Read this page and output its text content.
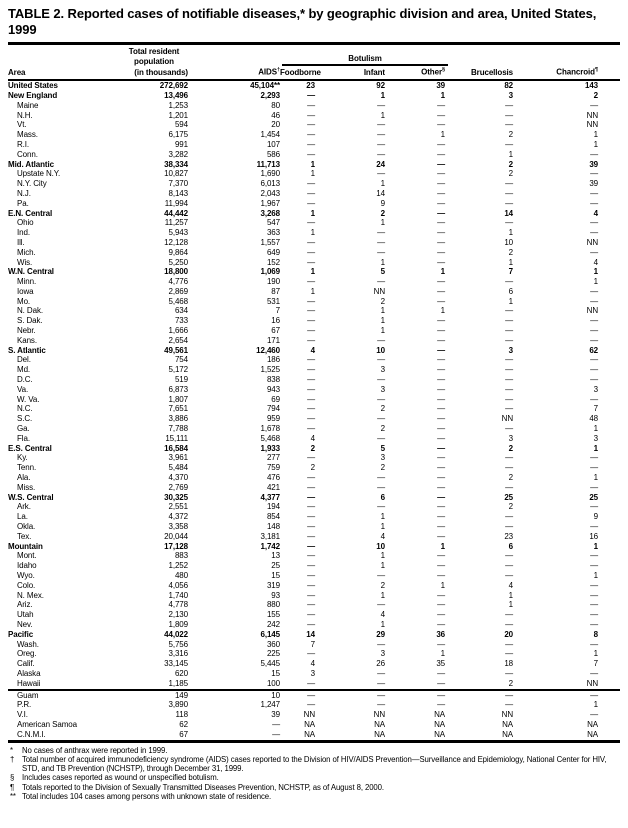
TABLE 2. Reported cases of notifiable diseases,* by geographic division and area, United States, 1999
	Total resident
population		Botulism				

Area	(in thousands)	AIDS†	Foodborne	Infant	Other§	Brucellosis	Chancroid¶
United States	272,692	45,104**	23	92	39	82	143
New England	13,496	2,293	—	1	1	3	2
Maine	1,253	80	—	—	—	—	—
N.H.	1,201	46	—	1	—	—	NN
Vt.	594	20	—	—	—	—	NN
Mass.	6,175	1,454	—	—	1	2	1
R.I.	991	107	—	—	—	—	1
Conn.	3,282	586	—	—	—	1	—
Mid. Atlantic	38,334	11,713	1	24	—	2	39
Upstate N.Y.	10,827	1,690	1	—	—	2	—
N.Y. City	7,370	6,013	—	1	—	—	39
N.J.	8,143	2,043	—	14	—	—	—
Pa.	11,994	1,967	—	9	—	—	—
E.N. Central	44,442	3,268	1	2	—	14	4
Ohio	11,257	547	—	1	—	—	—
Ind.	5,943	363	1	—	—	1	—
Ill.	12,128	1,557	—	—	—	10	NN
Mich.	9,864	649	—	—	—	2	—
Wis.	5,250	152	—	1	—	1	4
W.N. Central	18,800	1,069	1	5	1	7	1
Minn.	4,776	190	—	—	—	—	1
Iowa	2,869	87	1	NN	—	6	—
Mo.	5,468	531	—	2	—	1	—
N. Dak.	634	7	—	1	1	—	NN
S. Dak.	733	16	—	1	—	—	—
Nebr.	1,666	67	—	1	—	—	—
Kans.	2,654	171	—	—	—	—	—
S. Atlantic	49,561	12,460	4	10	—	3	62
Del.	754	186	—	—	—	—	—
Md.	5,172	1,525	—	3	—	—	—
D.C.	519	838	—	—	—	—	—
Va.	6,873	943	—	3	—	—	3
W. Va.	1,807	69	—	—	—	—	—
N.C.	7,651	794	—	2	—	—	7
S.C.	3,886	959	—	—	—	NN	48
Ga.	7,788	1,678	—	2	—	—	1
Fla.	15,111	5,468	4	—	—	3	3
E.S. Central	16,584	1,933	2	5	—	2	1
Ky.	3,961	277	—	3	—	—	—
Tenn.	5,484	759	2	2	—	—	—
Ala.	4,370	476	—	—	—	2	1
Miss.	2,769	421	—	—	—	—	—
W.S. Central	30,325	4,377	—	6	—	25	25
Ark.	2,551	194	—	—	—	2	—
La.	4,372	854	—	1	—	—	9
Okla.	3,358	148	—	1	—	—	—
Tex.	20,044	3,181	—	4	—	23	16
Mountain	17,128	1,742	—	10	1	6	1
Mont.	883	13	—	1	—	—	—
Idaho	1,252	25	—	1	—	—	—
Wyo.	480	15	—	—	—	—	1
Colo.	4,056	319	—	2	1	4	—
N. Mex.	1,740	93	—	1	—	1	—
Ariz.	4,778	880	—	—	—	1	—
Utah	2,130	155	—	4	—	—	—
Nev.	1,809	242	—	1	—	—	—
Pacific	44,022	6,145	14	29	36	20	8
Wash.	5,756	360	7	—	—	—	—
Oreg.	3,316	225	—	3	1	—	1
Calif.	33,145	5,445	4	26	35	18	7
Alaska	620	15	3	—	—	—	—
Hawaii	1,185	100	—	—	—	2	NN
Guam	149	10	—	—	—	—	—
P.R.	3,890	1,247	—	—	—	—	1
V.I.	118	39	NN	NN	NA	NN	—
American Samoa	62	—	NA	NA	NA	NA	NA
C.N.M.I.	67	—	NA	NA	NA	NA	NA
*	No cases of anthrax were reported in 1999.
† Total number of acquired immunodeficiency syndrome (AIDS) cases reported to the Division of HIV/AIDS Prevention—Surveillance and Epidemiology, National Center for HIV, STD, and TB Prevention (NCHSTP), through December 31, 1999.
§ Includes cases reported as wound or unspecified botulism.
¶	Totals reported to the Division of Sexually Transmitted Diseases Prevention, NCHSTP, as of August 8, 2000.
** Total includes 104 cases among persons with unknown state of residence.
